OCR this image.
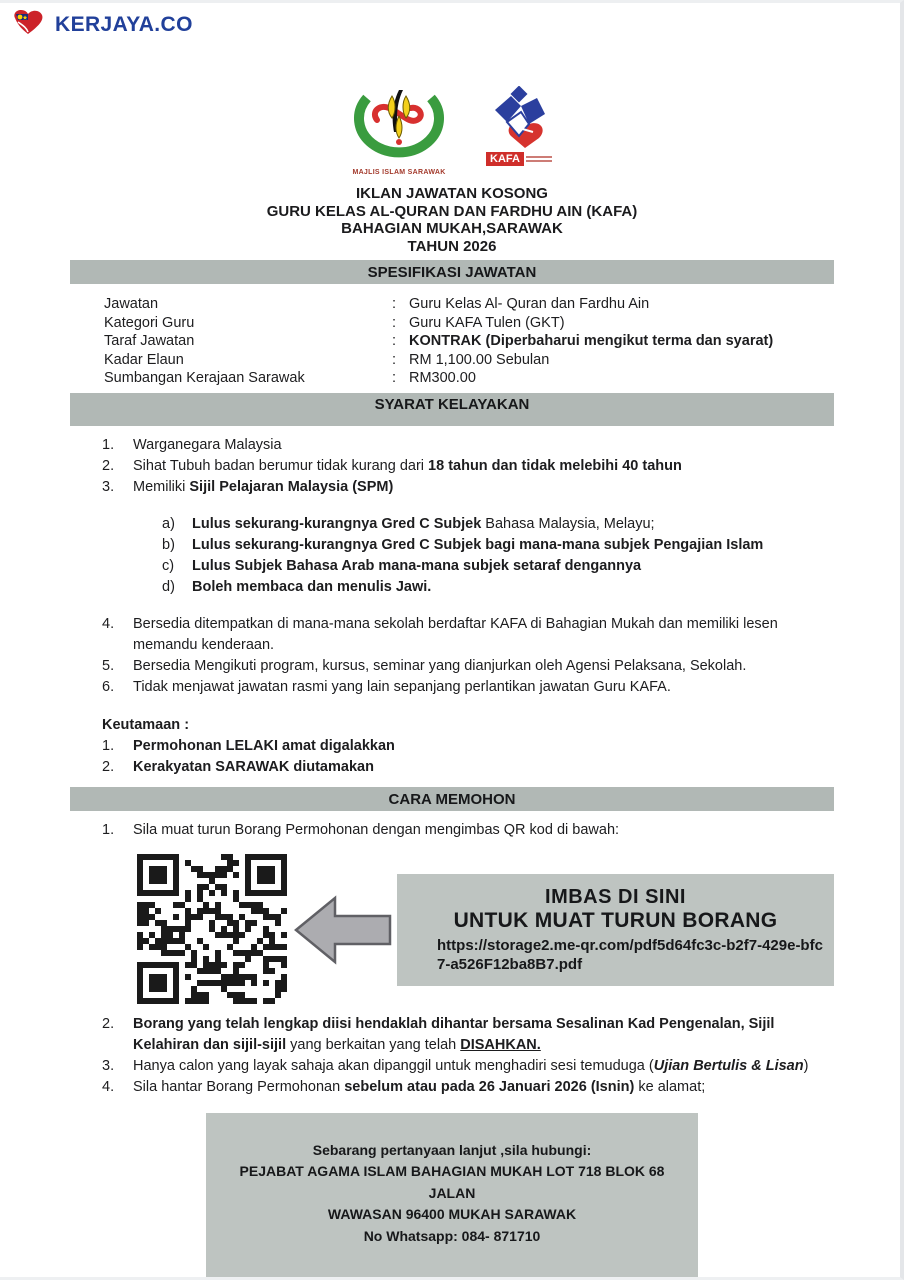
KERJAYA.CO
MAJLIS ISLAM SARAWAK
KAFA
IKLAN JAWATAN KOSONG
GURU KELAS AL-QURAN DAN FARDHU AIN (KAFA)
BAHAGIAN MUKAH,SARAWAK
TAHUN 2026
SPESIFIKASI JAWATAN
Jawatan	: Guru Kelas Al- Quran dan Fardhu Ain
Kategori Guru	: Guru KAFA Tulen (GKT)
Taraf Jawatan	: KONTRAK (Diperbaharui mengikut terma dan syarat)
Kadar Elaun	: RM 1,100.00 Sebulan
Sumbangan Kerajaan Sarawak	: RM300.00
SYARAT KELAYAKAN
1.	Warganegara Malaysia
2.	Sihat Tubuh badan berumur tidak kurang dari 18 tahun dan tidak melebihi 40 tahun
3.	Memiliki Sijil Pelajaran Malaysia (SPM)
a)	Lulus sekurang-kurangnya Gred C Subjek Bahasa Malaysia, Melayu;
b)	Lulus sekurang-kurangnya Gred C Subjek bagi mana-mana subjek Pengajian Islam
c)	Lulus Subjek Bahasa Arab mana-mana subjek setaraf dengannya
d)	Boleh membaca dan menulis Jawi.
4.	Bersedia ditempatkan di mana-mana sekolah berdaftar KAFA di Bahagian Mukah dan memiliki lesen memandu kenderaan.
5.	Bersedia Mengikuti program, kursus, seminar yang dianjurkan oleh Agensi Pelaksana, Sekolah.
6.	Tidak menjawat jawatan rasmi yang lain sepanjang perlantikan jawatan Guru KAFA.
Keutamaan :
1.	Permohonan LELAKI amat digalakkan
2.	Kerakyatan SARAWAK diutamakan
CARA MEMOHON
1.	Sila muat turun Borang Permohonan dengan mengimbas QR kod di bawah:
IMBAS DI SINI
UNTUK MUAT TURUN BORANG
https://storage2.me-qr.com/pdf5d64fc3c-b2f7-429e-bfc7-a526F12ba8B7.pdf
2.	Borang yang telah lengkap diisi hendaklah dihantar bersama Sesalinan Kad Pengenalan, Sijil Kelahiran dan sijil-sijil yang berkaitan yang telah DISAHKAN.
3.	Hanya calon yang layak sahaja akan dipanggil untuk menghadiri sesi temuduga (Ujian Bertulis & Lisan)
4.	Sila hantar Borang Permohonan sebelum atau pada 26 Januari 2026 (Isnin) ke alamat;
Sebarang pertanyaan lanjut ,sila hubungi:
PEJABAT AGAMA ISLAM BAHAGIAN MUKAH LOT 718 BLOK 68 JALAN
WAWASAN 96400 MUKAH SARAWAK
No Whatsapp: 084- 871710
